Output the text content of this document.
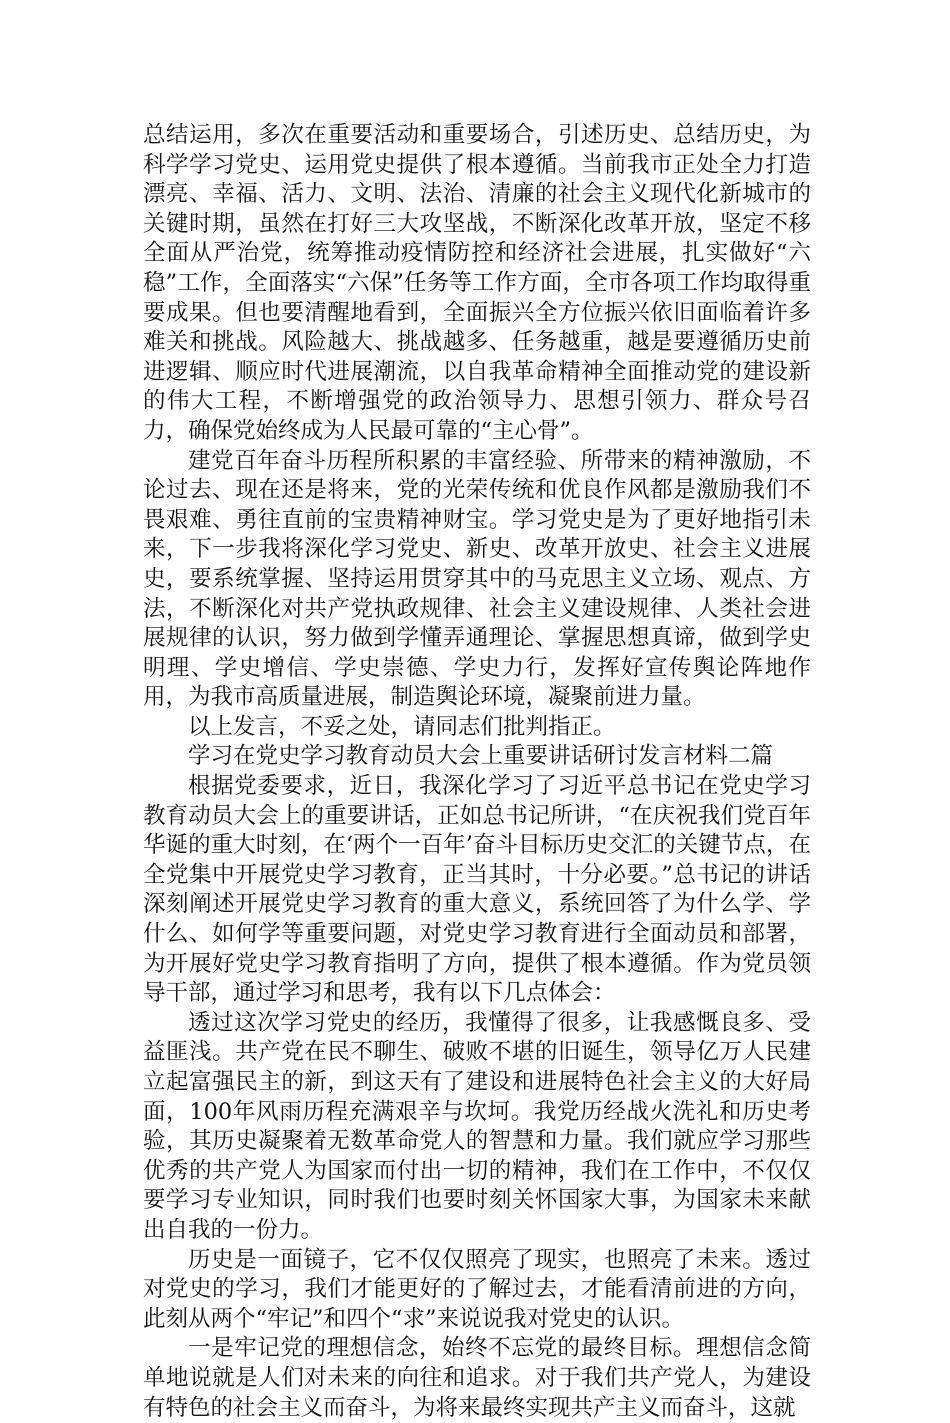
总结运用，多次在重要活动和重要场合，引述历史、总结历史，为科学学习党史、运用党史提供了根本遵循。当前我市正处全力打造漂亮、幸福、活力、文明、法治、清廉的社会主义现代化新城市的关键时期，虽然在打好三大攻坚战，不断深化改革开放，坚定不移全面从严治党，统筹推动疫情防控和经济社会进展，扎实做好“六稳”工作，全面落实“六保”任务等工作方面，全市各项工作均取得重要成果。但也要清醒地看到，全面振兴全方位振兴依旧面临着许多难关和挑战。风险越大、挑战越多、任务越重，越是要遵循历史前进逻辑、顺应时代进展潮流，以自我革命精神全面推动党的建设新的伟大工程，不断增强党的政治领导力、思想引领力、群众号召力，确保党始终成为人民最可靠的“主心骨”。

建党百年奋斗历程所积累的丰富经验、所带来的精神激励，不论过去、现在还是将来，党的光荣传统和优良作风都是激励我们不畏艰难、勇往直前的宝贵精神财宝。学习党史是为了更好地指引未来，下一步我将深化学习党史、新史、改革开放史、社会主义进展史，要系统掌握、坚持运用贯穿其中的马克思主义立场、观点、方法，不断深化对共产党执政规律、社会主义建设规律、人类社会进展规律的认识，努力做到学懂弄通理论、掌握思想真谛，做到学史明理、学史增信、学史崇德、学史力行，发挥好宣传舆论阵地作用，为我市高质量进展，制造舆论环境，凝聚前进力量。

以上发言，不妥之处，请同志们批判指正。

学习在党史学习教育动员大会上重要讲话研讨发言材料二篇

根据党委要求，近日，我深化学习了习近平总书记在党史学习教育动员大会上的重要讲话，正如总书记所讲，“在庆祝我们党百年华诞的重大时刻，在‘两个一百年’奋斗目标历史交汇的关键节点，在全党集中开展党史学习教育，正当其时，十分必要。”总书记的讲话深刻阐述开展党史学习教育的重大意义，系统回答了为什么学、学什么、如何学等重要问题，对党史学习教育进行全面动员和部署，为开展好党史学习教育指明了方向，提供了根本遵循。作为党员领导干部，通过学习和思考，我有以下几点体会：

透过这次学习党史的经历，我懂得了很多，让我感慨良多、受益匪浅。共产党在民不聊生、破败不堪的旧诞生，领导亿万人民建立起富强民主的新，到这天有了建设和进展特色社会主义的大好局面，100年风雨历程充满艰辛与坎坷。我党历经战火洗礼和历史考验，其历史凝聚着无数革命党人的智慧和力量。我们就应学习那些优秀的共产党人为国家而付出一切的精神，我们在工作中，不仅仅要学习专业知识，同时我们也要时刻关怀国家大事，为国家未来献出自我的一份力。

历史是一面镜子，它不仅仅照亮了现实，也照亮了未来。透过对党史的学习，我们才能更好的了解过去，才能看清前进的方向，此刻从两个“牢记”和四个“求”来说说我对党史的认识。

一是牢记党的理想信念，始终不忘党的最终目标。理想信念简单地说就是人们对未来的向往和追求。对于我们共产党人，为建设有特色的社会主义而奋斗，为将来最终实现共产主义而奋斗，这就
